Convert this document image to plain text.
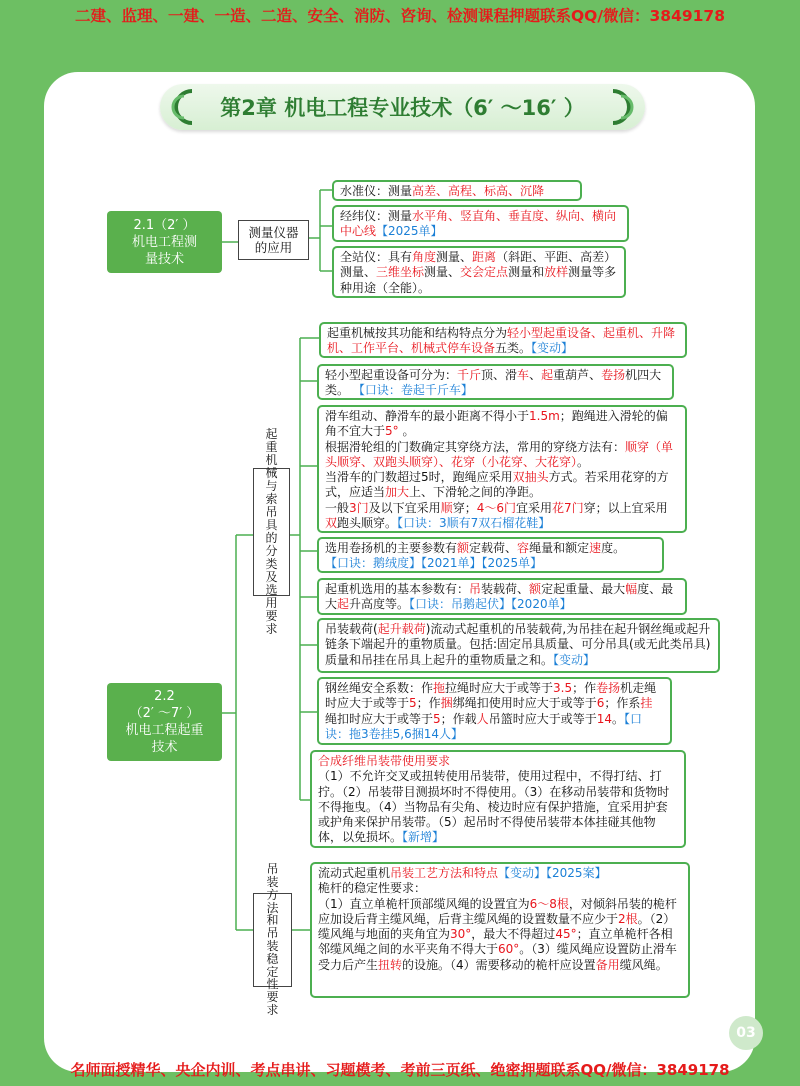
二建、监理、一建、一造、二造、安全、消防、咨询、检测课程押题联系QQ/微信：3849178
第2章 机电工程专业技术（6′ ～16′ ）
2.1（2′ ）
机电工程测
量技术
2.2
（2′ ～7′ ）
机电工程起重
技术
测量仪器
的应用
起
重
机
械
与
索
吊
具
的
分
类
及
选
用
要
求
吊
装
方
法
和
吊
装
稳
定
性
要
求
水准仪：测量高差、高程、标高、沉降
经纬仪：测量水平角、竖直角、垂直度、纵向、横向中心线【2025单】
全站仪：具有角度测量、距离（斜距、平距、高差）测量、三维坐标测量、交会定点测量和放样测量等多种用途（全能）。
起重机械按其功能和结构特点分为轻小型起重设备、起重机、升降机、工作平台、机械式停车设备五类。【变动】
轻小型起重设备可分为：千斤顶、滑车、起重葫芦、卷扬机四大类。 【口诀：卷起千斤车】
滑车组动、静滑车的最小距离不得小于1.5m；跑绳进入滑轮的偏角不宜大于5° 。
根据滑轮组的门数确定其穿绕方法，常用的穿绕方法有：顺穿（单头顺穿、双跑头顺穿）、花穿（小花穿、大花穿）。
当滑车的门数超过5时，跑绳应采用双抽头方式。若采用花穿的方式，应适当加大上、下滑轮之间的净距。
一般3门及以下宜采用顺穿；4～6门宜采用花7门穿；以上宜采用双跑头顺穿。【口诀：3顺有7双石榴花鞋】
选用卷扬机的主要参数有额定载荷、容绳量和额定速度。
【口诀：鹅绒度】【2021单】【2025单】
起重机选用的基本参数有：吊装载荷、额定起重量、最大幅度、最大起升高度等。【口诀：吊鹅起伏】【2020单】
吊装载荷(起升载荷)流动式起重机的吊装载荷,为吊挂在起升钢丝绳或起升链条下端起升的重物质量。包括:固定吊具质量、可分吊具(或无此类吊具)质量和吊挂在吊具上起升的重物质量之和。【变动】
钢丝绳安全系数：作拖拉绳时应大于或等于3.5；作卷扬机走绳时应大于或等于5；作捆绑绳扣使用时应大于或等于6；作系挂绳扣时应大于或等于5；作载人吊篮时应大于或等于14。【口诀：拖3卷挂5,6捆14人】
合成纤维吊装带使用要求
（1）不允许交叉或扭转使用吊装带，使用过程中，不得打结、打拧。（2）吊装带目测损坏时不得使用。（3）在移动吊装带和货物时不得拖曳。（4）当物品有尖角、棱边时应有保护措施，宜采用护套或护角来保护吊装带。（5）起吊时不得使吊装带本体挂碰其他物体，以免损坏。【新增】
流动式起重机吊装工艺方法和特点【变动】【2025案】
桅杆的稳定性要求：
（1）直立单桅杆顶部缆风绳的设置宜为6～8根，对倾斜吊装的桅杆应加设后背主缆风绳，后背主缆风绳的设置数量不应少于2根。（2）缆风绳与地面的夹角宜为30°，最大不得超过45°；直立单桅杆各相邻缆风绳之间的水平夹角不得大于60°。（3）缆风绳应设置防止滑车受力后产生扭转的设施。（4）需要移动的桅杆应设置备用缆风绳。
03
名师面授精华、央企内训、考点串讲、习题模考、考前三页纸、绝密押题联系QQ/微信：3849178
